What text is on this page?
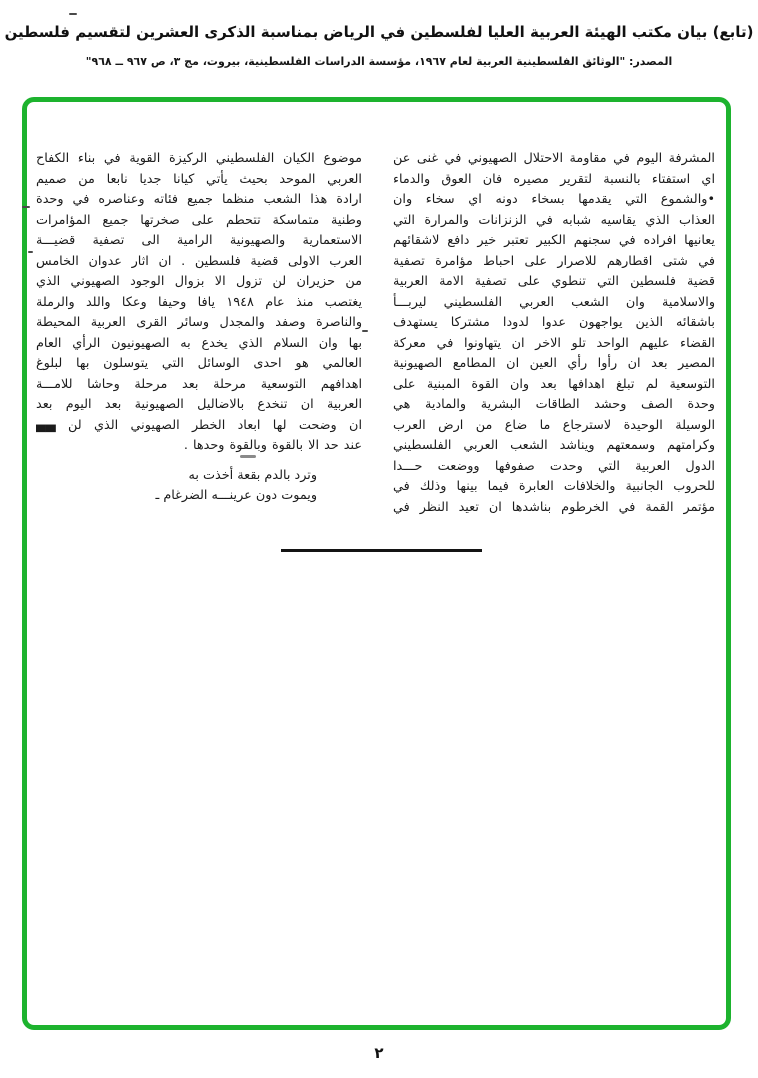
(تابع) بيان مكتب الهيئة العربية العليا لفلسطين في الرياض بمناسبة الذكرى العشرين لتقسيم فلسطين
المصدر: "الوثائق الفلسطينية العربية لعام ١٩٦٧، مؤسسة الدراسات الفلسطينية، بيروت، مج ٣، ص ٩٦٧ ــ ٩٦٨"
المشرفة اليوم في مقاومة الاحتلال الصهيوني في غنى عن
اي استفتاء بالنسبة لتقرير مصيره فان العوق والدماء
•والشموع التي يقدمها بسخاء دونه اي سخاء وان
العذاب الذي يقاسيه شبابه في الزنزانات والمرارة التي
يعانيها افراده في سجنهم الكبير تعتبر خير دافع لاشقائهم
في شتى اقطارهم للاصرار على احباط مؤامرة تصفية
قضية فلسطين التي تنطوي على تصفية الامة العربية
والاسلامية وان الشعب العربي الفلسطيني ليربـــأ
باشقائه الذين يواجهون عدوا لدودا مشتركا يستهدف
القضاء عليهم الواحد تلو الاخر ان يتهاونوا في معركة
المصير بعد ان رأوا رأي العين ان المطامع الصهيونية
التوسعية لم تبلغ اهدافها بعد وان القوة المبنية على
وحدة الصف وحشد الطاقات البشرية والمادية هي
الوسيلة الوحيدة لاسترجاع ما ضاع من ارض العرب
وكرامتهم وسمعتهم ويناشد الشعب العربي الفلسطيني
الدول العربية التي وحدت صفوفها ووضعت حـــدا
للحروب الجانبية والخلافات العابرة فيما بينها وذلك في
مؤتمر القمة في الخرطوم بناشدها ان تعيد النظر في
موضوع الكيان الفلسطيني الركيزة القوية في بناء الكفاح
العربي الموحد بحيث يأتي كيانا جديا نابعا من صميم
ارادة هذا الشعب منظما جميع فئاته وعناصره في وحدة
وطنية متماسكة تتحطم على صخرتها جميع المؤامرات
الاستعمارية والصهيونية الرامية الى تصفية قضيـــة
العرب الاولى قضية فلسطين . ان اثار عدوان الخامس
من حزيران لن تزول الا بزوال الوجود الصهيوني الذي
يغتصب منذ عام ١٩٤٨ يافا وحيفا وعكا واللد والرملة
والناصرة وصفد والمجدل وسائر القرى العربية المحيطة
بها وان السلام الذي يخدع به الصهيونيون الرأي العام
العالمي هو احدى الوسائل التي يتوسلون بها لبلوغ
اهدافهم التوسعية مرحلة بعد مرحلة وحاشا للامـــة
العربية ان تنخدع بالاضاليل الصهيونية بعد اليوم بعد
ان وضحت لها ابعاد الخطر الصهيوني الذي لن ▄▄
عند حد الا بالقوة وبالقوة وحدها .
وترد بالدم بقعة أخذت به
ويموت دون عرينـــه الضرغام ـ
٢
